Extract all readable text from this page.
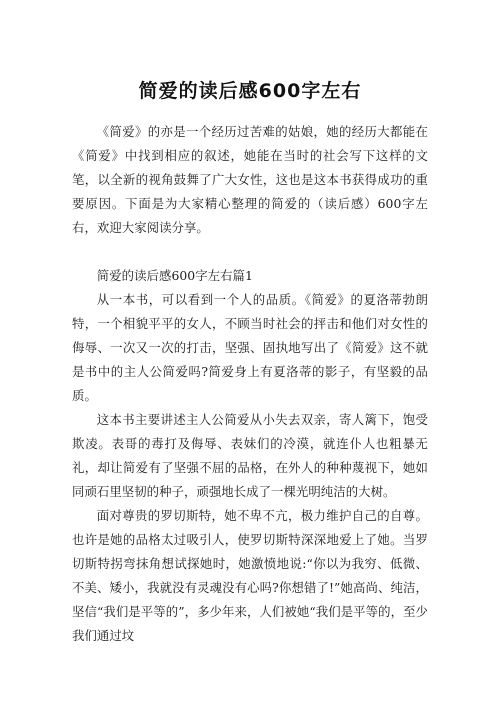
简爱的读后感600字左右

《简爱》的亦是一个经历过苦难的姑娘，她的经历大都能在《简爱》中找到相应的叙述，她能在当时的社会写下这样的文笔，以全新的视角鼓舞了广大女性，这也是这本书获得成功的重要原因。下面是为大家精心整理的简爱的（读后感）600字左右，欢迎大家阅读分享。

简爱的读后感600字左右篇1

从一本书，可以看到一个人的品质。《简爱》的夏洛蒂勃朗特，一个相貌平平的女人，不顾当时社会的抨击和他们对女性的侮辱、一次又一次的打击，坚强、固执地写出了《简爱》这不就是书中的主人公简爱吗?简爱身上有夏洛蒂的影子，有坚毅的品质。

这本书主要讲述主人公简爱从小失去双亲，寄人篱下，饱受欺凌。表哥的毒打及侮辱、表妹们的冷漠，就连仆人也粗暴无礼，却让简爱有了坚强不屈的品格，在外人的种种蔑视下，她如同顽石里坚韧的种子，顽强地长成了一棵光明纯洁的大树。

面对尊贵的罗切斯特，她不卑不亢，极力维护自己的自尊。也许是她的品格太过吸引人，使罗切斯特深深地爱上了她。当罗切斯特拐弯抹角想试探她时，她激愤地说:“你以为我穷、低微、不美、矮小，我就没有灵魂没有心吗?你想错了!”她高尚、纯洁，坚信“我们是平等的”，多少年来，人们被她“我们是平等的，至少我们通过坟
